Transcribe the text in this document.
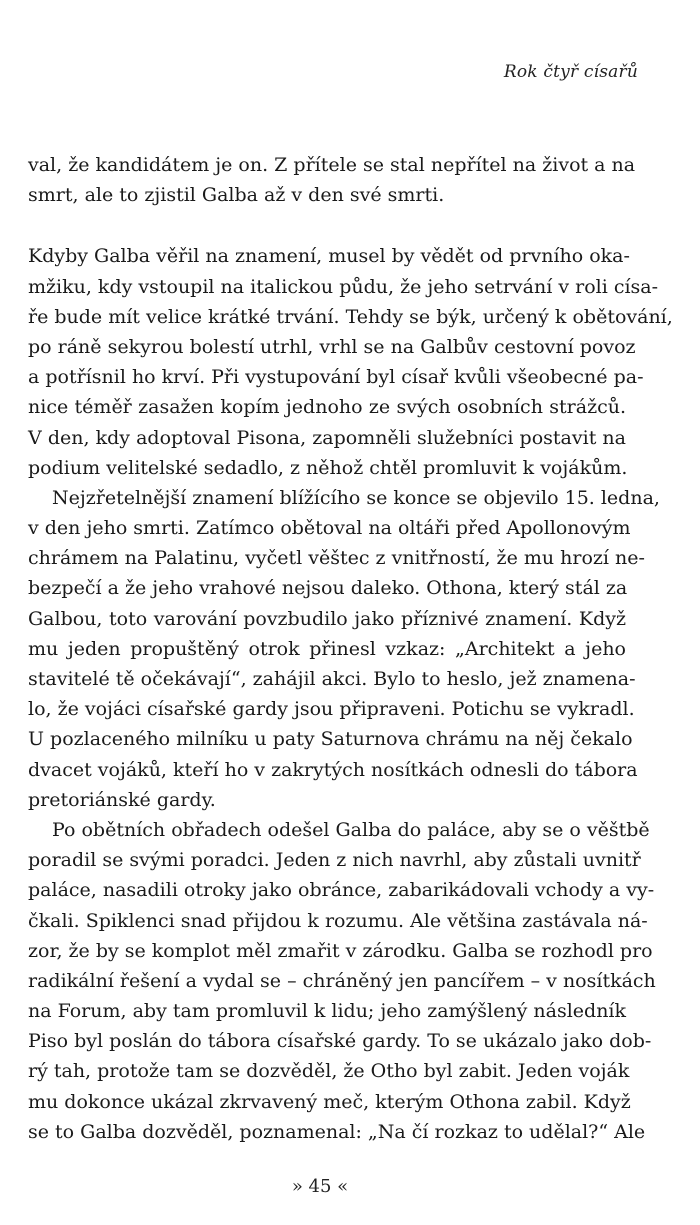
Rok čtyř císařů
val, že kandidátem je on. Z přítele se stal nepřítel na život a na
smrt, ale to zjistil Galba až v den své smrti.
Kdyby Galba věřil na znamení, musel by vědět od prvního oka-
mžiku, kdy vstoupil na italickou půdu, že jeho setrvání v roli císa-
ře bude mít velice krátké trvání. Tehdy se býk, určený k obětování,
po ráně sekyrou bolestí utrhl, vrhl se na Galbův cestovní povoz
a potřísnil ho krví. Při vystupování byl císař kvůli všeobecné pa-
nice téměř zasažen kopím jednoho ze svých osobních strážců.
V den, kdy adoptoval Pisona, zapomněli služebníci postavit na
podium velitelské sedadlo, z něhož chtěl promluvit k vojákům.
Nejzřetelnější znamení blížícího se konce se objevilo 15. ledna,
v den jeho smrti. Zatímco obětoval na oltáři před Apollonovým
chrámem na Palatinu, vyčetl věštec z vnitřností, že mu hrozí ne-
bezpečí a že jeho vrahové nejsou daleko. Othona, který stál za
Galbou, toto varování povzbudilo jako příznivé znamení. Když
mu jeden propuštěný otrok přinesl vzkaz: „Architekt a jeho
stavitelé tě očekávají“, zahájil akci. Bylo to heslo, jež znamena-
lo, že vojáci císařské gardy jsou připraveni. Potichu se vykradl.
U pozlaceného milníku u paty Saturnova chrámu na něj čekalo
dvacet vojáků, kteří ho v zakrytých nosítkách odnesli do tábora
pretoriánské gardy.
Po obětních obřadech odešel Galba do paláce, aby se o věštbě
poradil se svými poradci. Jeden z nich navrhl, aby zůstali uvnitř
paláce, nasadili otroky jako obránce, zabarikádovali vchody a vy-
čkali. Spiklenci snad přijdou k rozumu. Ale většina zastávala ná-
zor, že by se komplot měl zmařit v zárodku. Galba se rozhodl pro
radikální řešení a vydal se – chráněný jen pancířem – v nosítkách
na Forum, aby tam promluvil k lidu; jeho zamýšlený následník
Piso byl poslán do tábora císařské gardy. To se ukázalo jako dob-
rý tah, protože tam se dozvěděl, že Otho byl zabit. Jeden voják
mu dokonce ukázal zkrvavený meč, kterým Othona zabil. Když
se to Galba dozvěděl, poznamenal: „Na čí rozkaz to udělal?“ Ale
» 45 «
